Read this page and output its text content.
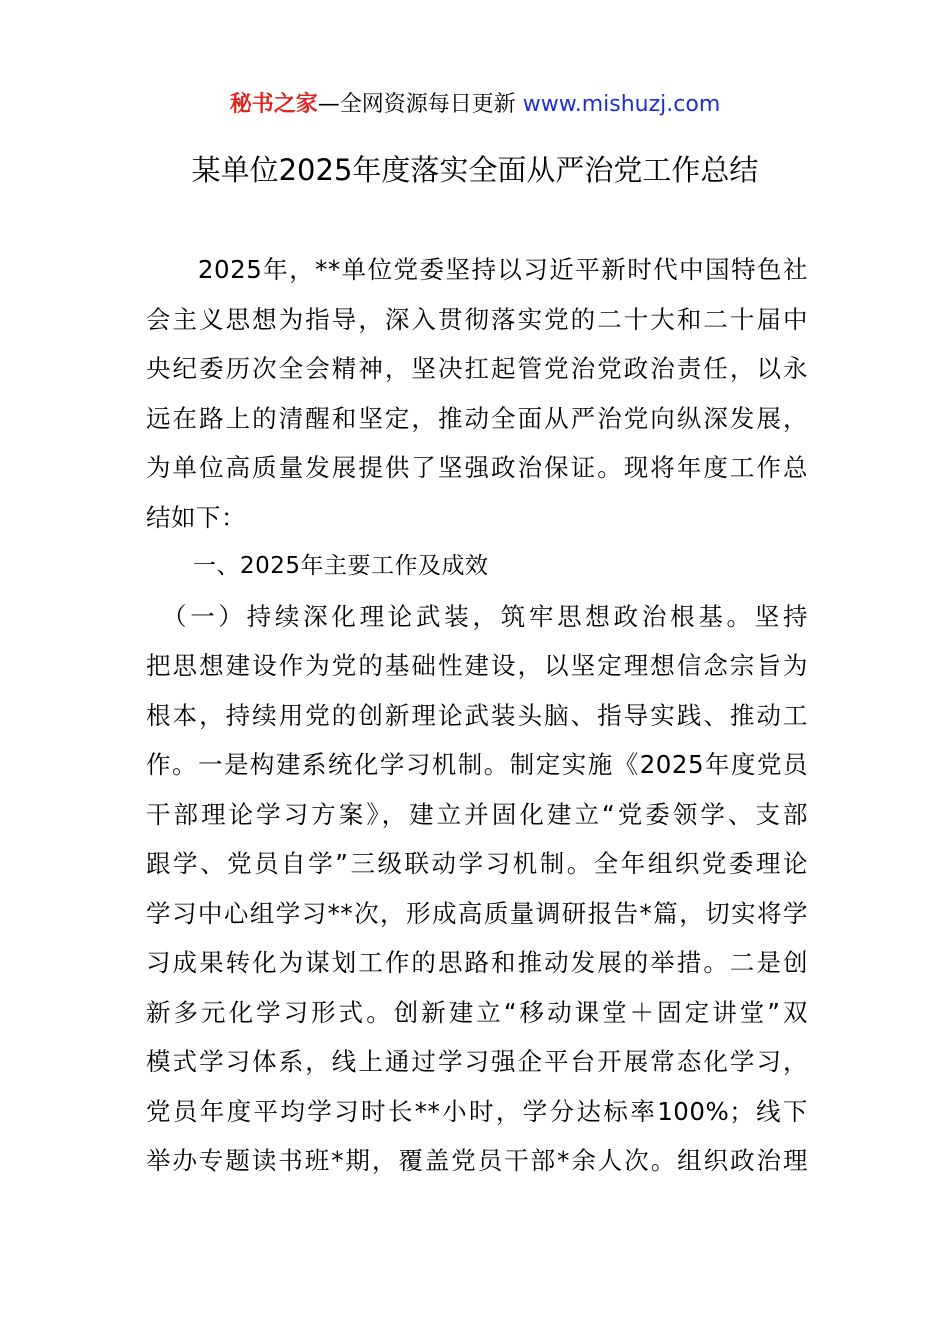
秘书之家—全网资源每日更新 www.mishuzj.com
某单位2025年度落实全面从严治党工作总结
　　2025年，**单位党委坚持以习近平新时代中国特色社
会主义思想为指导，深入贯彻落实党的二十大和二十届中
央纪委历次全会精神，坚决扛起管党治党政治责任，以永
远在路上的清醒和坚定，推动全面从严治党向纵深发展，
为单位高质量发展提供了坚强政治保证。现将年度工作总
结如下：
　　一、2025年主要工作及成效
　（一）持续深化理论武装，筑牢思想政治根基。坚持
把思想建设作为党的基础性建设，以坚定理想信念宗旨为
根本，持续用党的创新理论武装头脑、指导实践、推动工
作。一是构建系统化学习机制。制定实施《2025年度党员
干部理论学习方案》，建立并固化建立“党委领学、支部
跟学、党员自学”三级联动学习机制。全年组织党委理论
学习中心组学习**次，形成高质量调研报告*篇，切实将学
习成果转化为谋划工作的思路和推动发展的举措。二是创
新多元化学习形式。创新建立“移动课堂＋固定讲堂”双
模式学习体系，线上通过学习强企平台开展常态化学习，
党员年度平均学习时长**小时，学分达标率100%；线下
举办专题读书班*期，覆盖党员干部*余人次。组织政治理
